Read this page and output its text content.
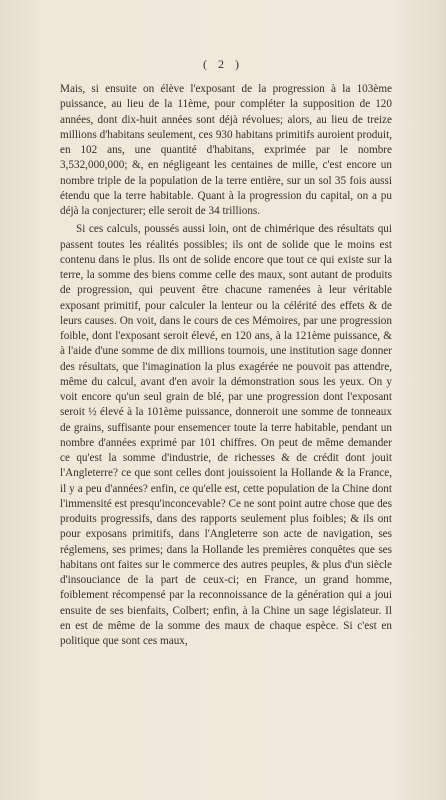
( 2 )

Mais, si ensuite on élève l'exposant de la progression à la 103ème puissance, au lieu de la 11ème, pour compléter la supposition de 120 années, dont dix-huit années sont déjà révolues; alors, au lieu de treize millions d'habitans seulement, ces 930 habitans primitifs auroient produit, en 102 ans, une quantité d'habitans, exprimée par le nombre 3,532,000,000; &, en négligeant les centaines de mille, c'est encore un nombre triple de la population de la terre entière, sur un sol 35 fois aussi étendu que la terre habitable. Quant à la progression du capital, on a pu déjà la conjecturer; elle seroit de 34 trillions.

Si ces calculs, poussés aussi loin, ont de chimérique des résultats qui passent toutes les réalités possibles; ils ont de solide que le moins est contenu dans le plus. Ils ont de solide encore que tout ce qui existe sur la terre, la somme des biens comme celle des maux, sont autant de produits de progression, qui peuvent être chacune ramenées à leur véritable exposant primitif, pour calculer la lenteur ou la célérité des effets & de leurs causes. On voit, dans le cours de ces Mémoires, par une progression foible, dont l'exposant seroit élevé, en 120 ans, à la 121ème puissance, & à l'aide d'une somme de dix millions tournois, une institution sage donner des résultats, que l'imagination la plus exagérée ne pouvoit pas attendre, même du calcul, avant d'en avoir la démonstration sous les yeux. On y voit encore qu'un seul grain de blé, par une progression dont l'exposant seroit ½ élevé à la 101ème puissance, donneroit une somme de tonneaux de grains, suffisante pour ensemencer toute la terre habitable, pendant un nombre d'années exprimé par 101 chiffres. On peut de même demander ce qu'est la somme d'industrie, de richesses & de crédit dont jouit l'Angleterre? ce que sont celles dont jouissoient la Hollande & la France, il y a peu d'années? enfin, ce qu'elle est, cette population de la Chine dont l'immensité est presqu'inconcevable? Ce ne sont point autre chose que des produits progressifs, dans des rapports seulement plus foibles; & ils ont pour exposans primitifs, dans l'Angleterre son acte de navigation, ses réglemens, ses primes; dans la Hollande les premières conquêtes que ses habitans ont faites sur le commerce des autres peuples, & plus d'un siècle d'insouciance de la part de ceux-ci; en France, un grand homme, foiblement récompensé par la reconnoissance de la génération qui a joui ensuite de ses bienfaits, Colbert; enfin, à la Chine un sage législateur. Il en est de même de la somme des maux de chaque espèce. Si c'est en politique que sont ces maux,
